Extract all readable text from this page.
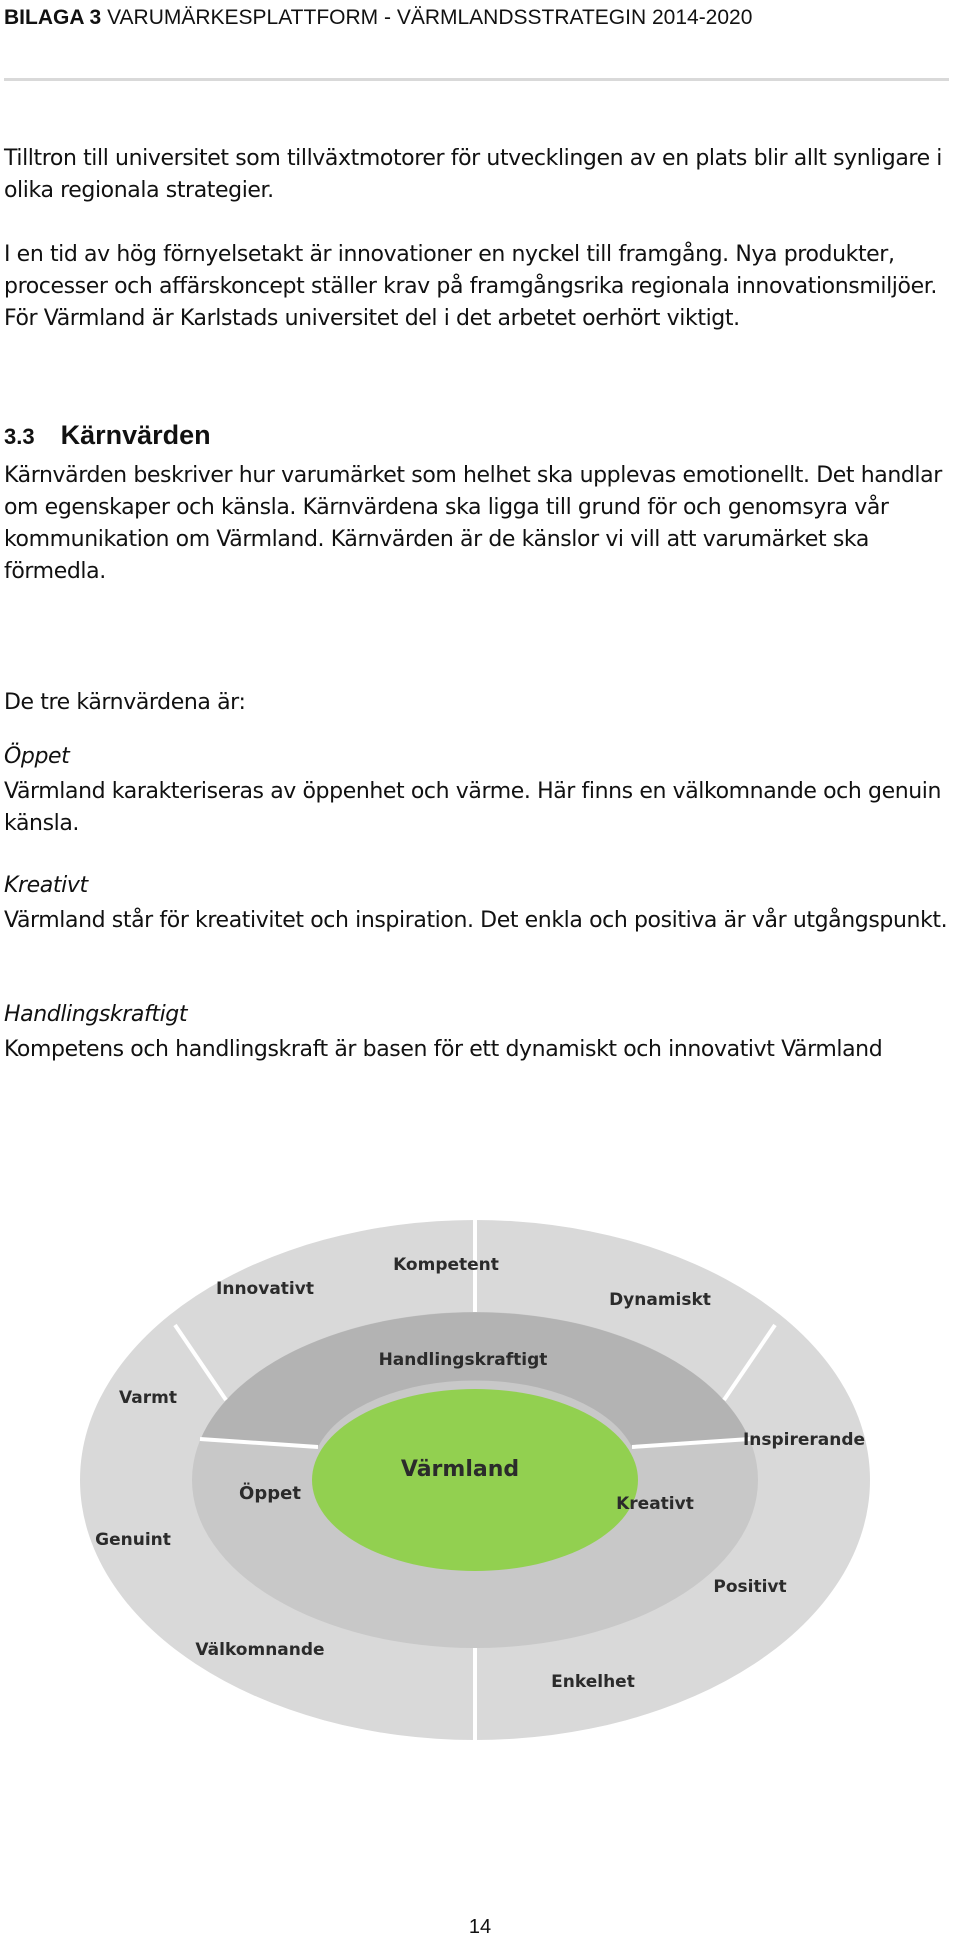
BILAGA 3 VARUMÄRKESPLATTFORM - VÄRMLANDSSTRATEGIN 2014-2020
Tilltron till universitet som tillväxtmotorer för utvecklingen av en plats blir allt synligare i olika regionala strategier.
I en tid av hög förnyelsetakt är innovationer en nyckel till framgång. Nya produkter, processer och affärskoncept ställer krav på framgångsrika regionala innovationsmiljöer. För Värmland är Karlstads universitet del i det arbetet oerhört viktigt.
3.3 Kärnvärden
Kärnvärden beskriver hur varumärket som helhet ska upplevas emotionellt. Det handlar om egenskaper och känsla. Kärnvärdena ska ligga till grund för och genomsyra vår kommunikation om Värmland. Kärnvärden är de känslor vi vill att varumärket ska förmedla.
De tre kärnvärdena är:
Öppet
Värmland karakteriseras av öppenhet och värme. Här finns en välkomnande och genuin känsla.
Kreativt
Värmland står för kreativitet och inspiration. Det enkla och positiva är vår utgångspunkt.
Handlingskraftigt
Kompetens och handlingskraft är basen för ett dynamiskt och innovativt Värmland
Värmland
Handlingskraftigt
Öppet	Kreativt
Kompetent
Innovativt
Dynamiskt
Varmt
Inspirerande
Genuint
Positivt
Välkomnande
Enkelhet
14
